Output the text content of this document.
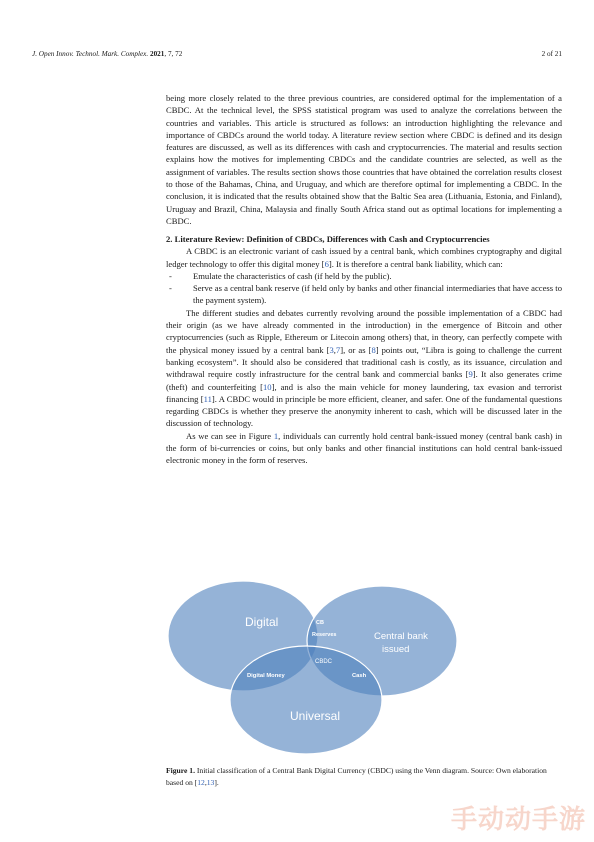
J. Open Innov. Technol. Mark. Complex. 2021, 7, 72	2 of 21

being more closely related to the three previous countries, are considered optimal for the implementation of a CBDC. At the technical level, the SPSS statistical program was used to analyze the correlations between the countries and variables. This article is structured as follows: an introduction highlighting the relevance and importance of CBDCs around the world today. A literature review section where CBDC is defined and its design features are discussed, as well as its differences with cash and cryptocurrencies. The material and results section explains how the motives for implementing CBDCs and the candidate countries are selected, as well as the assignment of variables. The results section shows those countries that have obtained the correlation results closest to those of the Bahamas, China, and Uruguay, and which are therefore optimal for implementing a CBDC. In the conclusion, it is indicated that the results obtained show that the Baltic Sea area (Lithuania, Estonia, and Finland), Uruguay and Brazil, China, Malaysia and finally South Africa stand out as optimal locations for implementing a CBDC.

2. Literature Review: Definition of CBDCs, Differences with Cash and Cryptocurrencies

A CBDC is an electronic variant of cash issued by a central bank, which combines cryptography and digital ledger technology to offer this digital money [6]. It is therefore a central bank liability, which can:

- Emulate the characteristics of cash (if held by the public).
- Serve as a central bank reserve (if held only by banks and other financial intermediaries that have access to the payment system).

The different studies and debates currently revolving around the possible implementation of a CBDC had their origin (as we have already commented in the introduction) in the emergence of Bitcoin and other cryptocurrencies (such as Ripple, Ethereum or Litecoin among others) that, in theory, can perfectly compete with the physical money issued by a central bank [3,7], or as [8] points out, “Libra is going to challenge the current banking ecosystem”. It should also be considered that traditional cash is costly, as its issuance, circulation and withdrawal require costly infrastructure for the central bank and commercial banks [9]. It also generates crime (theft) and counterfeiting [10], and is also the main vehicle for money laundering, tax evasion and terrorist financing [11]. A CBDC would in principle be more efficient, cleaner, and safer. One of the fundamental questions regarding CBDCs is whether they preserve the anonymity inherent to cash, which will be discussed later in the discussion of technology.

As we can see in Figure 1, individuals can currently hold central bank-issued money (central bank cash) in the form of bi-currencies or coins, but only banks and other financial institutions can hold central bank-issued electronic money in the form of reserves.

Digital
Central bank
issued
Universal
CB
Reserves
CBDC
Digital Money	Cash
Figure 1. Initial classification of a Central Bank Digital Currency (CBDC) using the Venn diagram. Source: Own elaboration based on [12,13].
手动动手游
